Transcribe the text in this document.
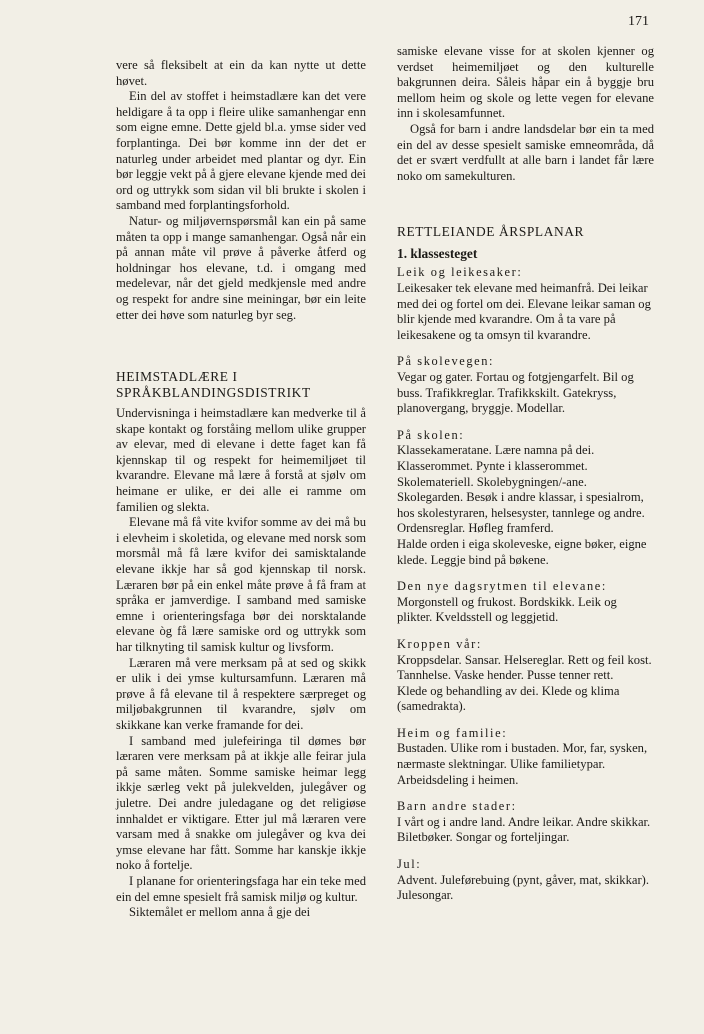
171

vere så fleksibelt at ein da kan nytte ut dette høvet.

Ein del av stoffet i heimstadlære kan det vere heldigare å ta opp i fleire ulike samanhengar enn som eigne emne. Dette gjeld bl.a. ymse sider ved forplantinga. Dei bør komme inn der det er naturleg under arbeidet med plantar og dyr. Ein bør leggje vekt på å gjere elevane kjende med dei ord og uttrykk som sidan vil bli brukte i skolen i samband med forplantingsforhold.

Natur- og miljøvernspørsmål kan ein på same måten ta opp i mange samanhengar. Også når ein på annan måte vil prøve å påverke åtferd og holdningar hos elevane, t.d. i omgang med medelevar, når det gjeld medkjensle med andre og respekt for andre sine meiningar, bør ein leite etter dei høve som naturleg byr seg.

HEIMSTADLÆRE I
SPRÅKBLANDINGSDISTRIKT

Undervisninga i heimstadlære kan medverke til å skape kontakt og forståing mellom ulike grupper av elevar, med di elevane i dette faget kan få kjennskap til og respekt for heimemiljøet til kvarandre. Elevane må lære å forstå at sjølv om heimane er ulike, er dei alle ei ramme om familien og slekta.

Elevane må få vite kvifor somme av dei må bu i elevheim i skoletida, og elevane med norsk som morsmål må få lære kvifor dei samisktalande elevane ikkje har så god kjennskap til norsk. Læraren bør på ein enkel måte prøve å få fram at språka er jamverdige. I samband med samiske emne i orienteringsfaga bør dei norsktalande elevane òg få lære samiske ord og uttrykk som har tilknyting til samisk kultur og livsform.

Læraren må vere merksam på at sed og skikk er ulik i dei ymse kultursamfunn. Læraren må prøve å få elevane til å respektere særpreget og miljøbakgrunnen til kvarandre, sjølv om skikkane kan verke framande for dei.

I samband med julefeiringa til dømes bør læraren vere merksam på at ikkje alle feirar jula på same måten. Somme samiske heimar legg ikkje særleg vekt på julekvelden, julegåver og juletre. Dei andre juledagane og det religiøse innhaldet er viktigare. Etter jul må læraren vere varsam med å snakke om julegåver og kva dei ymse elevane har fått. Somme har kanskje ikkje noko å fortelje.

I planane for orienteringsfaga har ein teke med ein del emne spesielt frå samisk miljø og kultur.

Siktemålet er mellom anna å gje dei

samiske elevane visse for at skolen kjenner og verdset heimemiljøet og den kulturelle bakgrunnen deira. Såleis håpar ein å byggje bru mellom heim og skole og lette vegen for elevane inn i skolesamfunnet.

Også for barn i andre landsdelar bør ein ta med ein del av desse spesielt samiske emneområda, då det er svært verdfullt at alle barn i landet får lære noko om samekulturen.

RETTLEIANDE ÅRSPLANAR
1. klassesteget
Leik og leikesaker:

Leikesaker tek elevane med heimanfrå. Dei leikar med dei og fortel om dei. Elevane leikar saman og blir kjende med kvarandre. Om å ta vare på leikesakene og ta omsyn til kvarandre.

På skolevegen:

Vegar og gater. Fortau og fotgjengarfelt. Bil og buss. Trafikkreglar. Trafikkskilt. Gatekryss, planovergang, bryggje. Modellar.

På skolen:

Klassekameratane. Lære namna på dei. Klasserommet. Pynte i klasserommet. Skolemateriell. Skolebygningen/-ane. Skolegarden. Besøk i andre klassar, i spesialrom, hos skolestyraren, helsesyster, tannlege og andre. Ordensreglar. Høfleg framferd.

Halde orden i eiga skoleveske, eigne bøker, eigne klede. Leggje bind på bøkene.

Den nye dagsrytmen til elevane:

Morgonstell og frukost. Bordskikk. Leik og plikter. Kveldsstell og leggjetid.

Kroppen vår:

Kroppsdelar. Sansar. Helsereglar. Rett og feil kost. Tannhelse. Vaske hender. Pusse tenner rett.

Klede og behandling av dei. Klede og klima (samedrakta).

Heim og familie:

Bustaden. Ulike rom i bustaden. Mor, far, sysken, nærmaste slektningar. Ulike familietypar. Arbeidsdeling i heimen.

Barn andre stader:

I vårt og i andre land. Andre leikar. Andre skikkar. Biletbøker. Songar og forteljingar.

Jul:

Advent. Juleførebuing (pynt, gåver, mat, skikkar). Julesongar.
